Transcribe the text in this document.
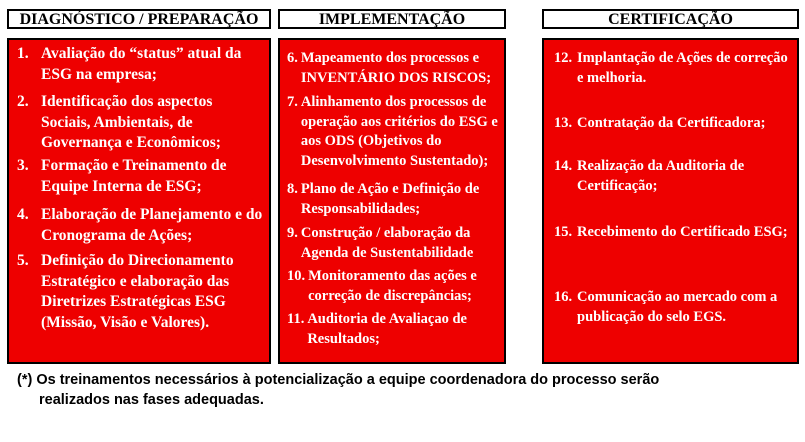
DIAGNÓSTICO / PREPARAÇÃO
1. Avaliação do “status” atual da ESG na empresa;
2. Identificação dos aspectos Sociais, Ambientais, de Governança e Econômicos;
3. Formação e Treinamento de Equipe Interna de ESG;
4. Elaboração de Planejamento e do Cronograma de Ações;
5. Definição do Direcionamento Estratégico e elaboração das Diretrizes Estratégicas ESG (Missão, Visão e Valores).
IMPLEMENTAÇÃO
6. Mapeamento dos processos e INVENTÁRIO DOS RISCOS;
7. Alinhamento dos processos de operação aos critérios do ESG e aos ODS (Objetivos do Desenvolvimento Sustentado);
8. Plano de Ação e Definição de Responsabilidades;
9. Construção / elaboração da Agenda de Sustentabilidade
10. Monitoramento das ações e correção de discrepâncias;
11. Auditoria de Avaliaçao de Resultados;
CERTIFICAÇÃO
12. Implantação de Ações de correção e melhoria.
13. Contratação da Certificadora;
14. Realização da Auditoria de Certificação;
15. Recebimento do Certificado ESG;
16. Comunicação ao mercado com a publicação do selo EGS.
(*) Os treinamentos necessários à potencialização a equipe coordenadora do processo serão
realizados nas fases adequadas.
